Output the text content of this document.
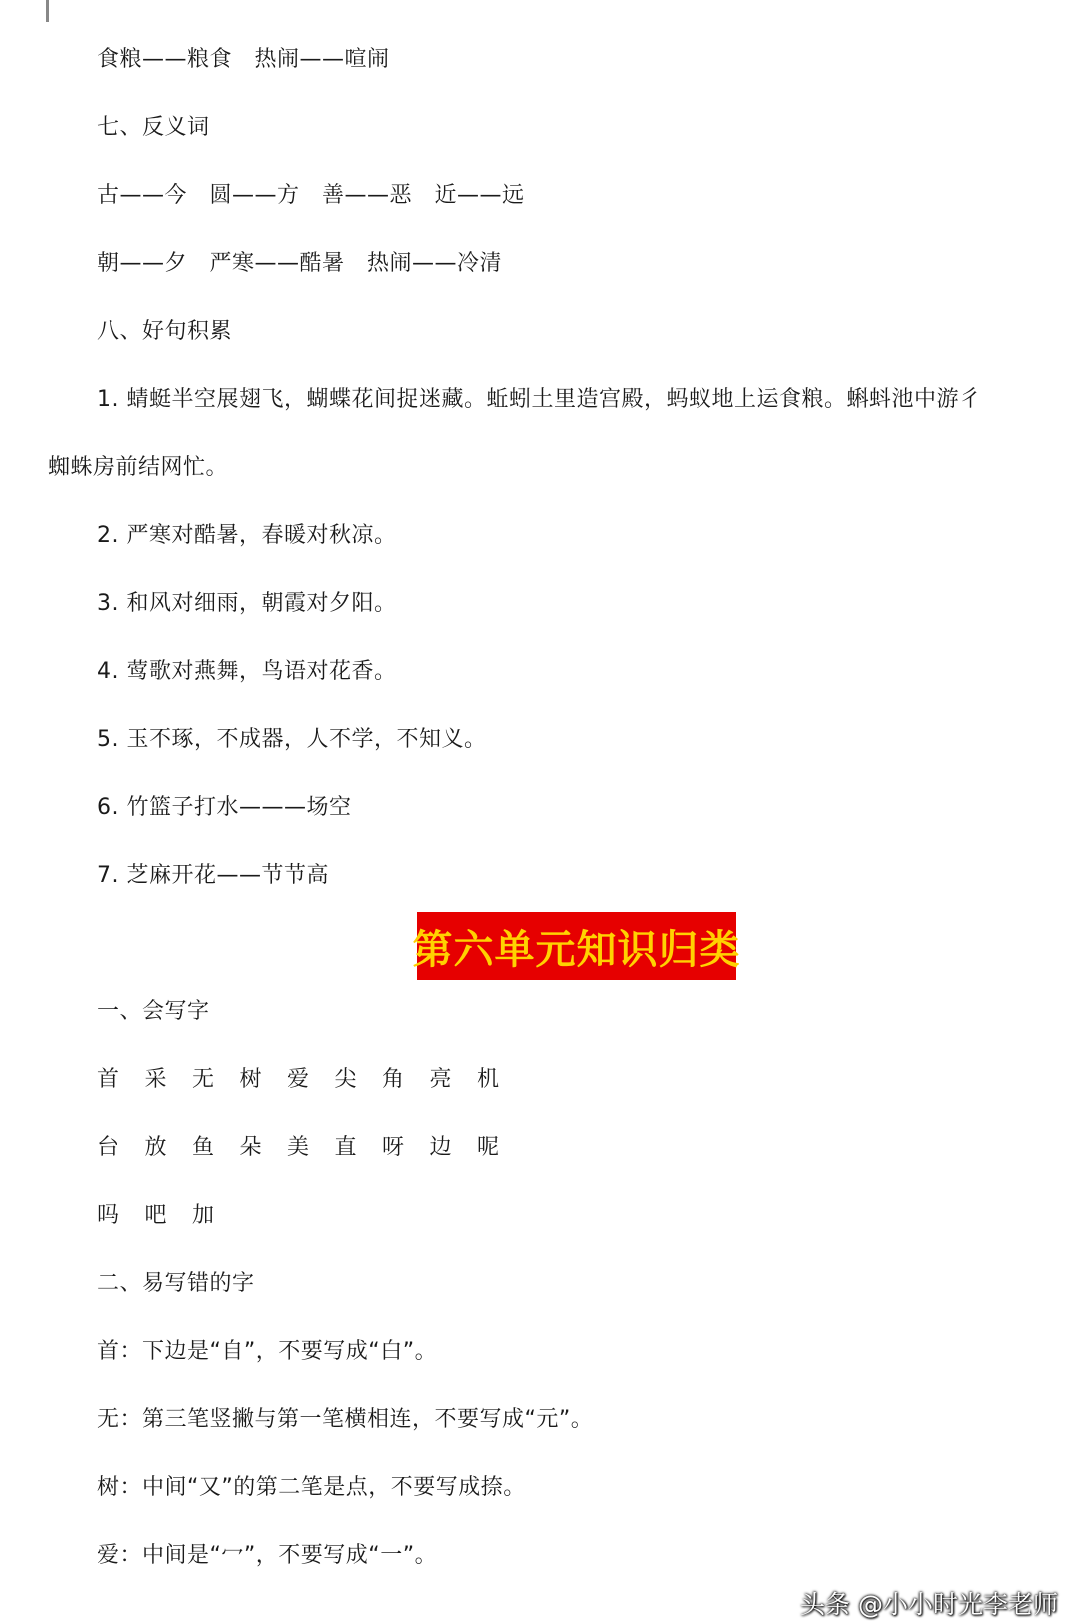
食粮——粮食　热闹——喧闹
七、反义词
古——今　圆——方　善——恶　近——远
朝——夕　严寒——酷暑　热闹——冷清
八、好句积累
1. 蜻蜓半空展翅飞，蝴蝶花间捉迷藏。蚯蚓土里造宫殿，蚂蚁地上运食粮。蝌蚪池中游彳
蜘蛛房前结网忙。
2. 严寒对酷暑，春暖对秋凉。
3. 和风对细雨，朝霞对夕阳。
4. 莺歌对燕舞，鸟语对花香。
5. 玉不琢，不成器，人不学，不知义。
6. 竹篮子打水———场空
7. 芝麻开花——节节高
第六单元知识归类
一、会写字
首 采 无 树 爱 尖 角 亮 机
台 放 鱼 朵 美 直 呀 边 呢
吗 吧 加
二、易写错的字
首：下边是“自”，不要写成“白”。
无：第三笔竖撇与第一笔横相连，不要写成“元”。
树：中间“又”的第二笔是点，不要写成捺。
爱：中间是“冖”，不要写成“一”。
头条 @小小时光李老师
